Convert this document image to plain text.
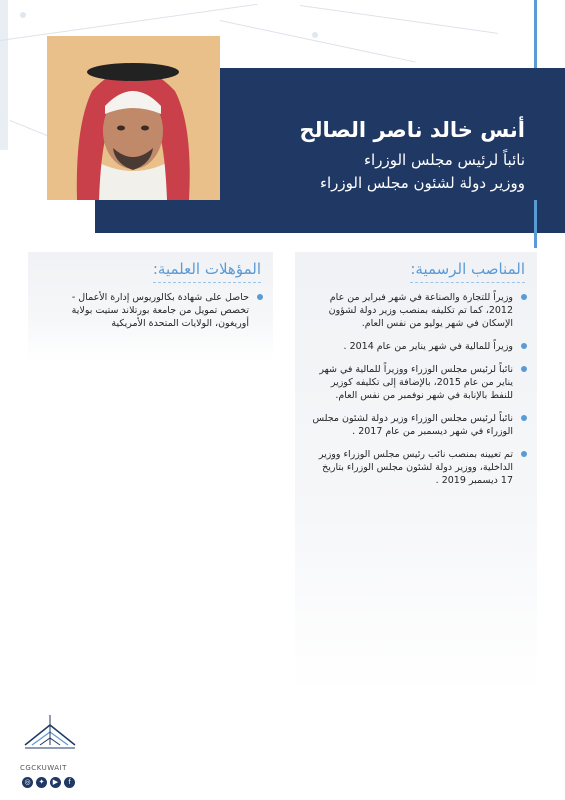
أنس خالد ناصر الصالح
نائباً لرئيس مجلس الوزراء
ووزير دولة لشئون مجلس الوزراء
المناصب الرسمية:
وزيراً للتجارة والصناعة في شهر فبراير من عام 2012، كما تم تكليفه بمنصب وزير دولة لشؤون الإسكان في شهر يوليو من نفس العام.
وزيراً للمالية في شهر يناير من عام 2014 .
نائباً لرئيس مجلس الوزراء ووزيراً للمالية في شهر يناير من عام 2015، بالإضافة إلى تكليفه كوزير للنفط بالإنابة في شهر نوفمبر من نفس العام.
نائباً لرئيس مجلس الوزراء وزير دولة لشئون مجلس الوزراء في شهر ديسمبر من عام 2017 .
تم تعيينه بمنصب نائب رئيس مجلس الوزراء ووزير الداخلية، ووزير دولة لشئون مجلس الوزراء بتاريخ 17 ديسمبر 2019 .
المؤهلات العلمية:
حاصل على شهادة بكالوريوس إدارة الأعمال - تخصص تمويل من جامعة بورتلاند ستيت بولاية أوريغون، الولايات المتحدة الأمريكية
CGCKUWAIT
◎	✦	▶	f
